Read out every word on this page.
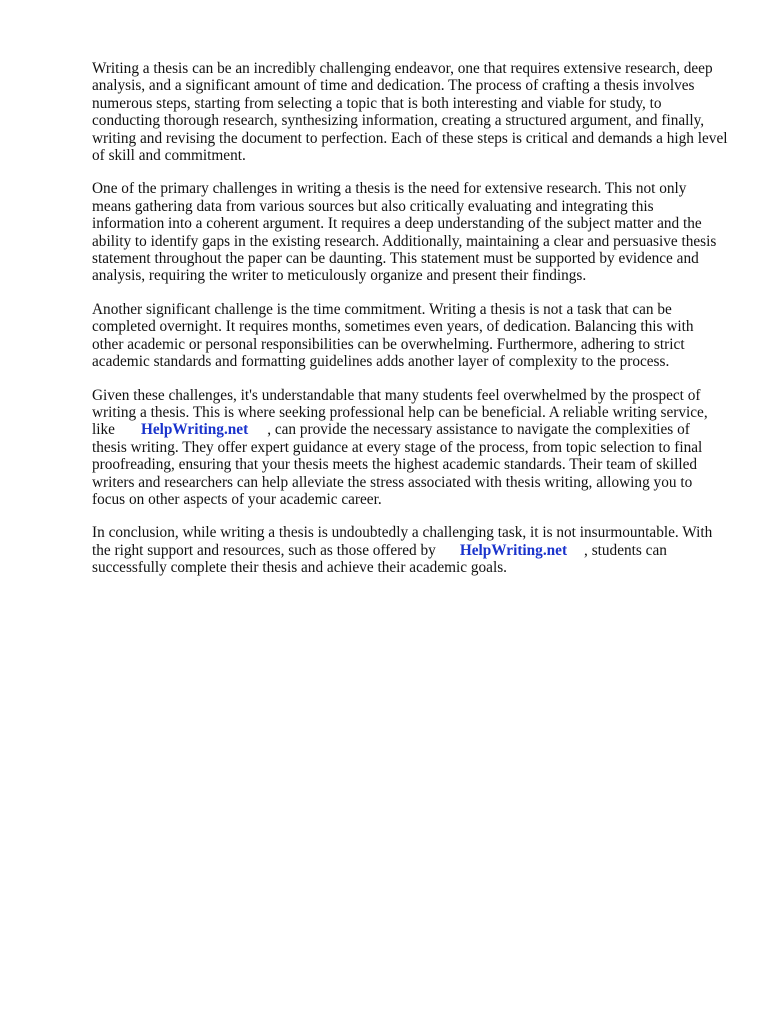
Writing a thesis can be an incredibly challenging endeavor, one that requires extensive research, deep analysis, and a significant amount of time and dedication. The process of crafting a thesis involves numerous steps, starting from selecting a topic that is both interesting and viable for study, to conducting thorough research, synthesizing information, creating a structured argument, and finally, writing and revising the document to perfection. Each of these steps is critical and demands a high level of skill and commitment.

One of the primary challenges in writing a thesis is the need for extensive research. This not only means gathering data from various sources but also critically evaluating and integrating this information into a coherent argument. It requires a deep understanding of the subject matter and the ability to identify gaps in the existing research. Additionally, maintaining a clear and persuasive thesis statement throughout the paper can be daunting. This statement must be supported by evidence and analysis, requiring the writer to meticulously organize and present their findings.

Another significant challenge is the time commitment. Writing a thesis is not a task that can be completed overnight. It requires months, sometimes even years, of dedication. Balancing this with other academic or personal responsibilities can be overwhelming. Furthermore, adhering to strict academic standards and formatting guidelines adds another layer of complexity to the process.

Given these challenges, it's understandable that many students feel overwhelmed by the prospect of writing a thesis. This is where seeking professional help can be beneficial. A reliable writing service, like HelpWriting.net , can provide the necessary assistance to navigate the complexities of thesis writing. They offer expert guidance at every stage of the process, from topic selection to final proofreading, ensuring that your thesis meets the highest academic standards. Their team of skilled writers and researchers can help alleviate the stress associated with thesis writing, allowing you to focus on other aspects of your academic career.

In conclusion, while writing a thesis is undoubtedly a challenging task, it is not insurmountable. With the right support and resources, such as those offered by HelpWriting.net , students can successfully complete their thesis and achieve their academic goals.
